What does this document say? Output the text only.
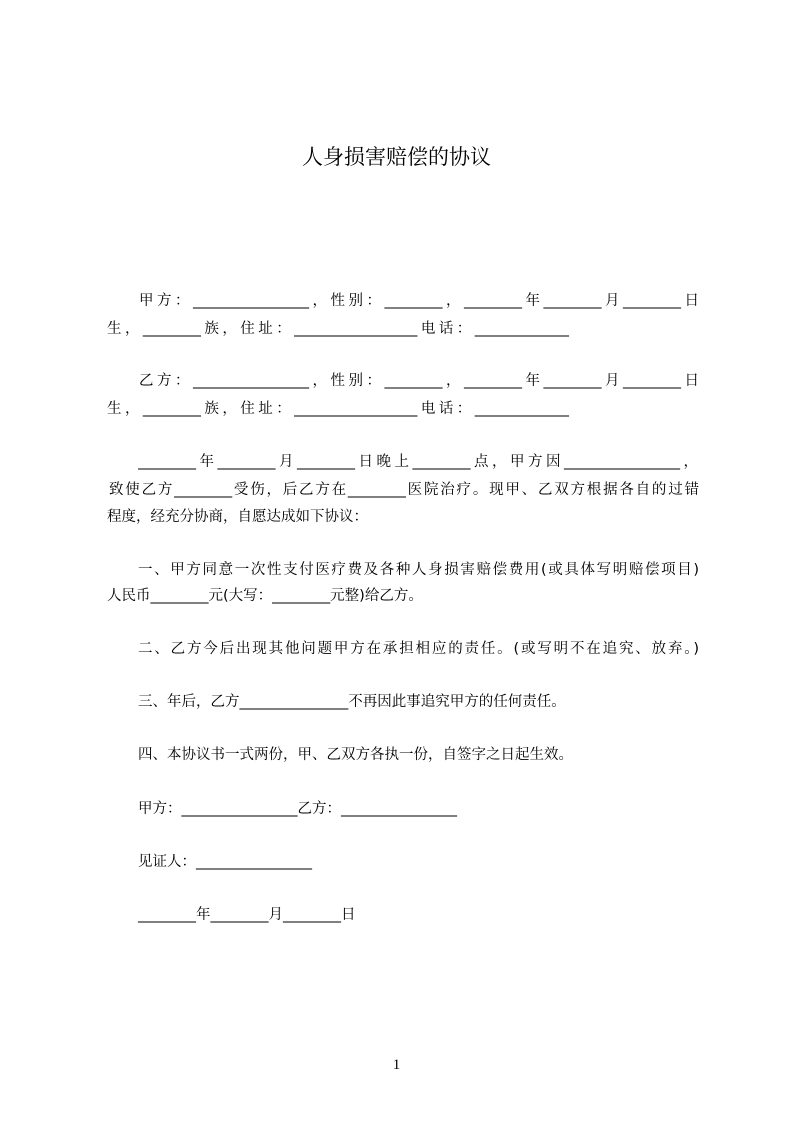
人身损害赔偿的协议
甲方：________________，性别：________，________年________月________日
生，________族，住址：_________________电话：_____________
乙方：________________，性别：________，________年________月________日
生，________族，住址：_________________电话：_____________
________年________月________日晚上________点，甲方因________________，
致使乙方________受伤，后乙方在________医院治疗。现甲、乙双方根据各自的过错
程度，经充分协商，自愿达成如下协议：
一、甲方同意一次性支付医疗费及各种人身损害赔偿费用(或具体写明赔偿项目)
人民币________元(大写：________元整)给乙方。
二、乙方今后出现其他问题甲方在承担相应的责任。(或写明不在追究、放弃。)
三、年后，乙方_______________不再因此事追究甲方的任何责任。
四、本协议书一式两份，甲、乙双方各执一份，自签字之日起生效。
甲方：________________乙方：________________
见证人：________________
________年________月________日
1
